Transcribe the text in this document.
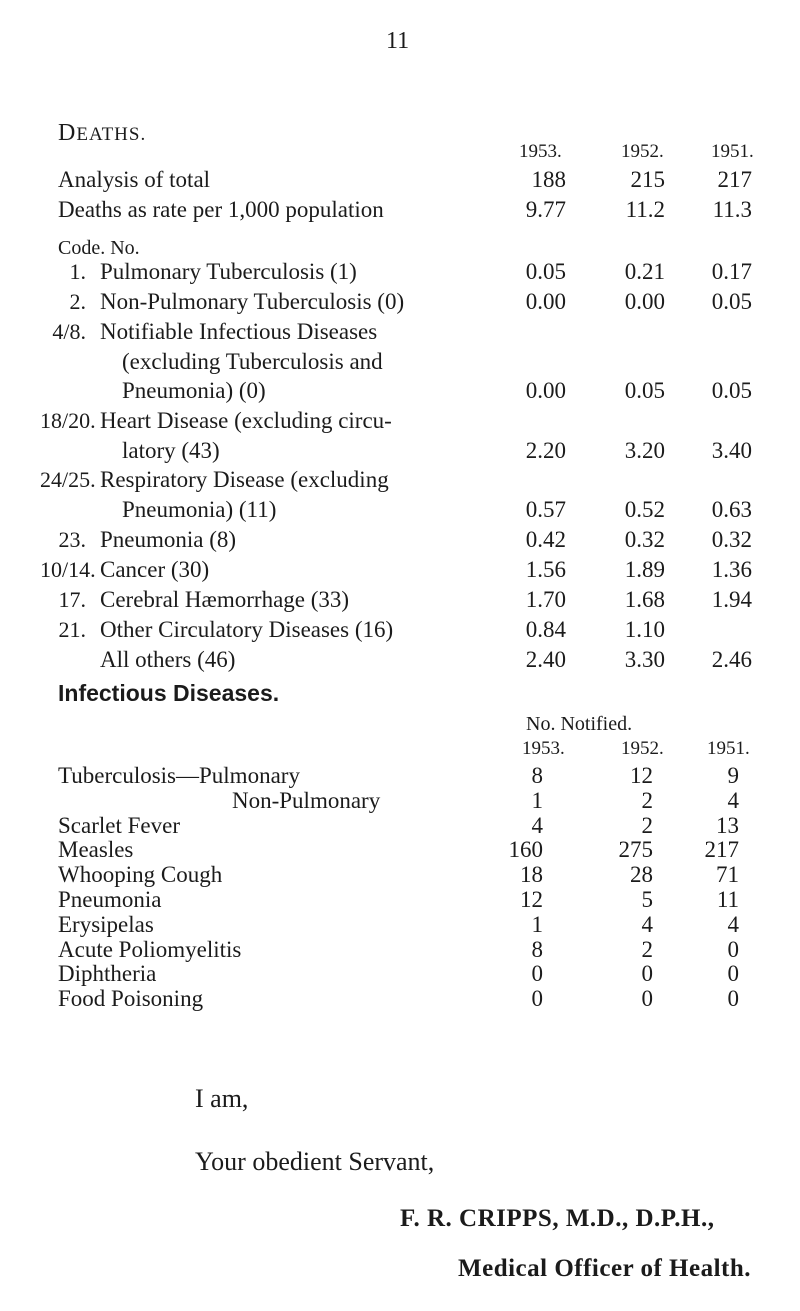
11
DEATHS.
1953.	1952. 1951.
Analysis of total	188	215	217
Deaths as rate per 1,000 population	9.77	11.2	11.3
1. Pulmonary Tuberculosis (1)	0.05	0.21	0.17
2. Non-Pulmonary Tuberculosis (0)	0.00	0.00	0.05
4/8. Notifiable Infectious Diseases
(excluding Tuberculosis and
Pneumonia) (0)	0.00	0.05	0.05
18/20. Heart Disease (excluding circu-
latory (43)	2.20	3.20	3.40
24/25. Respiratory Disease (excluding
Pneumonia) (11)	0.57	0.52	0.63
23. Pneumonia (8)	0.42	0.32	0.32
10/14. Cancer (30)	1.56	1.89	1.36
17. Cerebral Hæmorrhage (33)	1.70	1.68	1.94
21. Other Circulatory Diseases (16)	0.84	1.10
All others (46)	2.40	3.30	2.46
Code. No.
Infectious Diseases.
No. Notified.
1953.	1952. 1951.
Tuberculosis—Pulmonary	8	12	9
Non-Pulmonary	1	2	4
Scarlet Fever	4	2	13
Measles	160	275	217
Whooping Cough	18	28	71
Pneumonia	12	5	11
Erysipelas	1	4	4
Acute Poliomyelitis	8	2	0
Diphtheria	0	0	0
Food Poisoning	0	0	0
I am,
Your obedient Servant,
F. R. CRIPPS, M.D., D.P.H.,
Medical Officer of Health.
